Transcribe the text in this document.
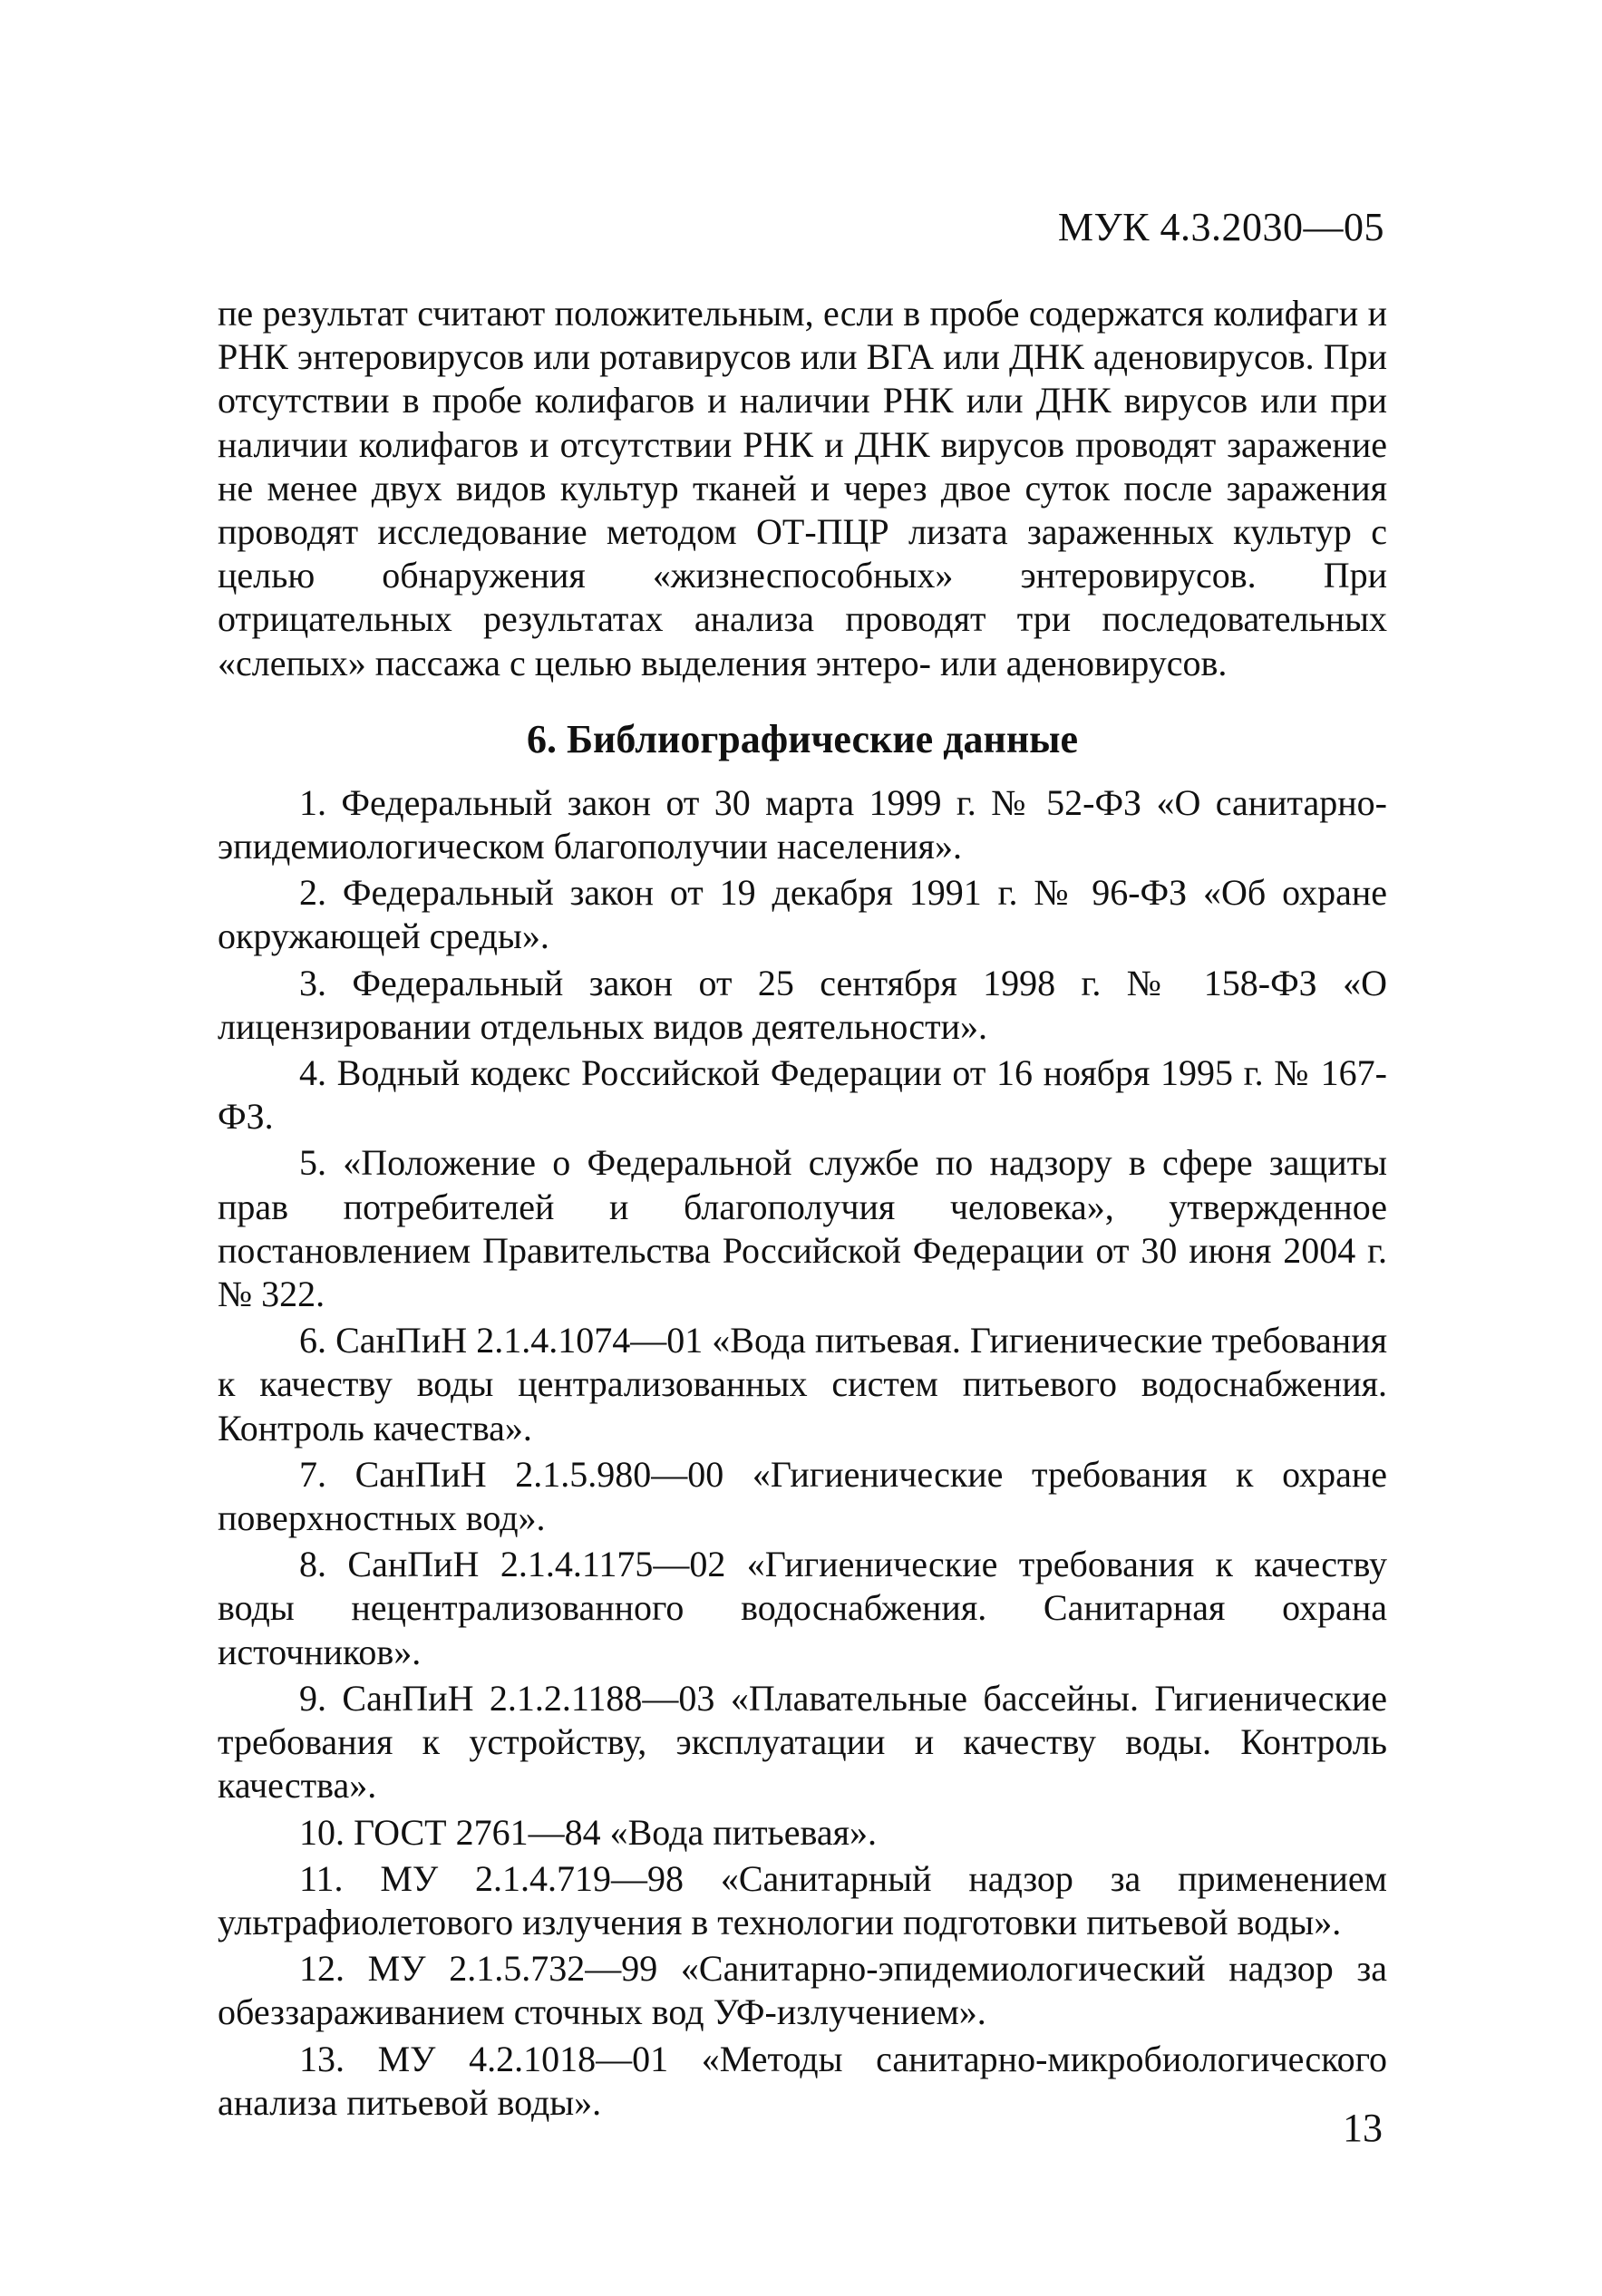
МУК 4.3.2030—05

пе результат считают положительным, если в пробе содержатся колифаги и РНК энтеровирусов или ротавирусов или ВГА или ДНК аденовирусов. При отсутствии в пробе колифагов и наличии РНК или ДНК вирусов или при наличии колифагов и отсутствии РНК и ДНК вирусов проводят заражение не менее двух видов культур тканей и через двое суток после заражения проводят исследование методом ОТ-ПЦР лизата зараженных культур с целью обнаружения «жизнеспособных» энтеровирусов. При отрицательных результатах анализа проводят три последовательных «слепых» пассажа с целью выделения энтеро- или аденовирусов.

6. Библиографические данные
1. Федеральный закон от 30 марта 1999 г. № 52-ФЗ «О санитарно-эпидемиологическом благополучии населения».
2. Федеральный закон от 19 декабря 1991 г. № 96-ФЗ «Об охране окружающей среды».
3. Федеральный закон от 25 сентября 1998 г. № 158-ФЗ «О лицензировании отдельных видов деятельности».
4. Водный кодекс Российской Федерации от 16 ноября 1995 г. № 167-ФЗ.
5. «Положение о Федеральной службе по надзору в сфере защиты прав потребителей и благополучия человека», утвержденное постановлением Правительства Российской Федерации от 30 июня 2004 г. № 322.
6. СанПиН 2.1.4.1074—01 «Вода питьевая. Гигиенические требования к качеству воды централизованных систем питьевого водоснабжения. Контроль качества».
7. СанПиН 2.1.5.980—00 «Гигиенические требования к охране поверхностных вод».
8. СанПиН 2.1.4.1175—02 «Гигиенические требования к качеству воды нецентрализованного водоснабжения. Санитарная охрана источников».
9. СанПиН 2.1.2.1188—03 «Плавательные бассейны. Гигиенические требования к устройству, эксплуатации и качеству воды. Контроль качества».
10. ГОСТ 2761—84 «Вода питьевая».
11. МУ 2.1.4.719—98 «Санитарный надзор за применением ультрафиолетового излучения в технологии подготовки питьевой воды».
12. МУ 2.1.5.732—99 «Санитарно-эпидемиологический надзор за обеззараживанием сточных вод УФ-излучением».
13. МУ 4.2.1018—01 «Методы санитарно-микробиологического анализа питьевой воды».
13
